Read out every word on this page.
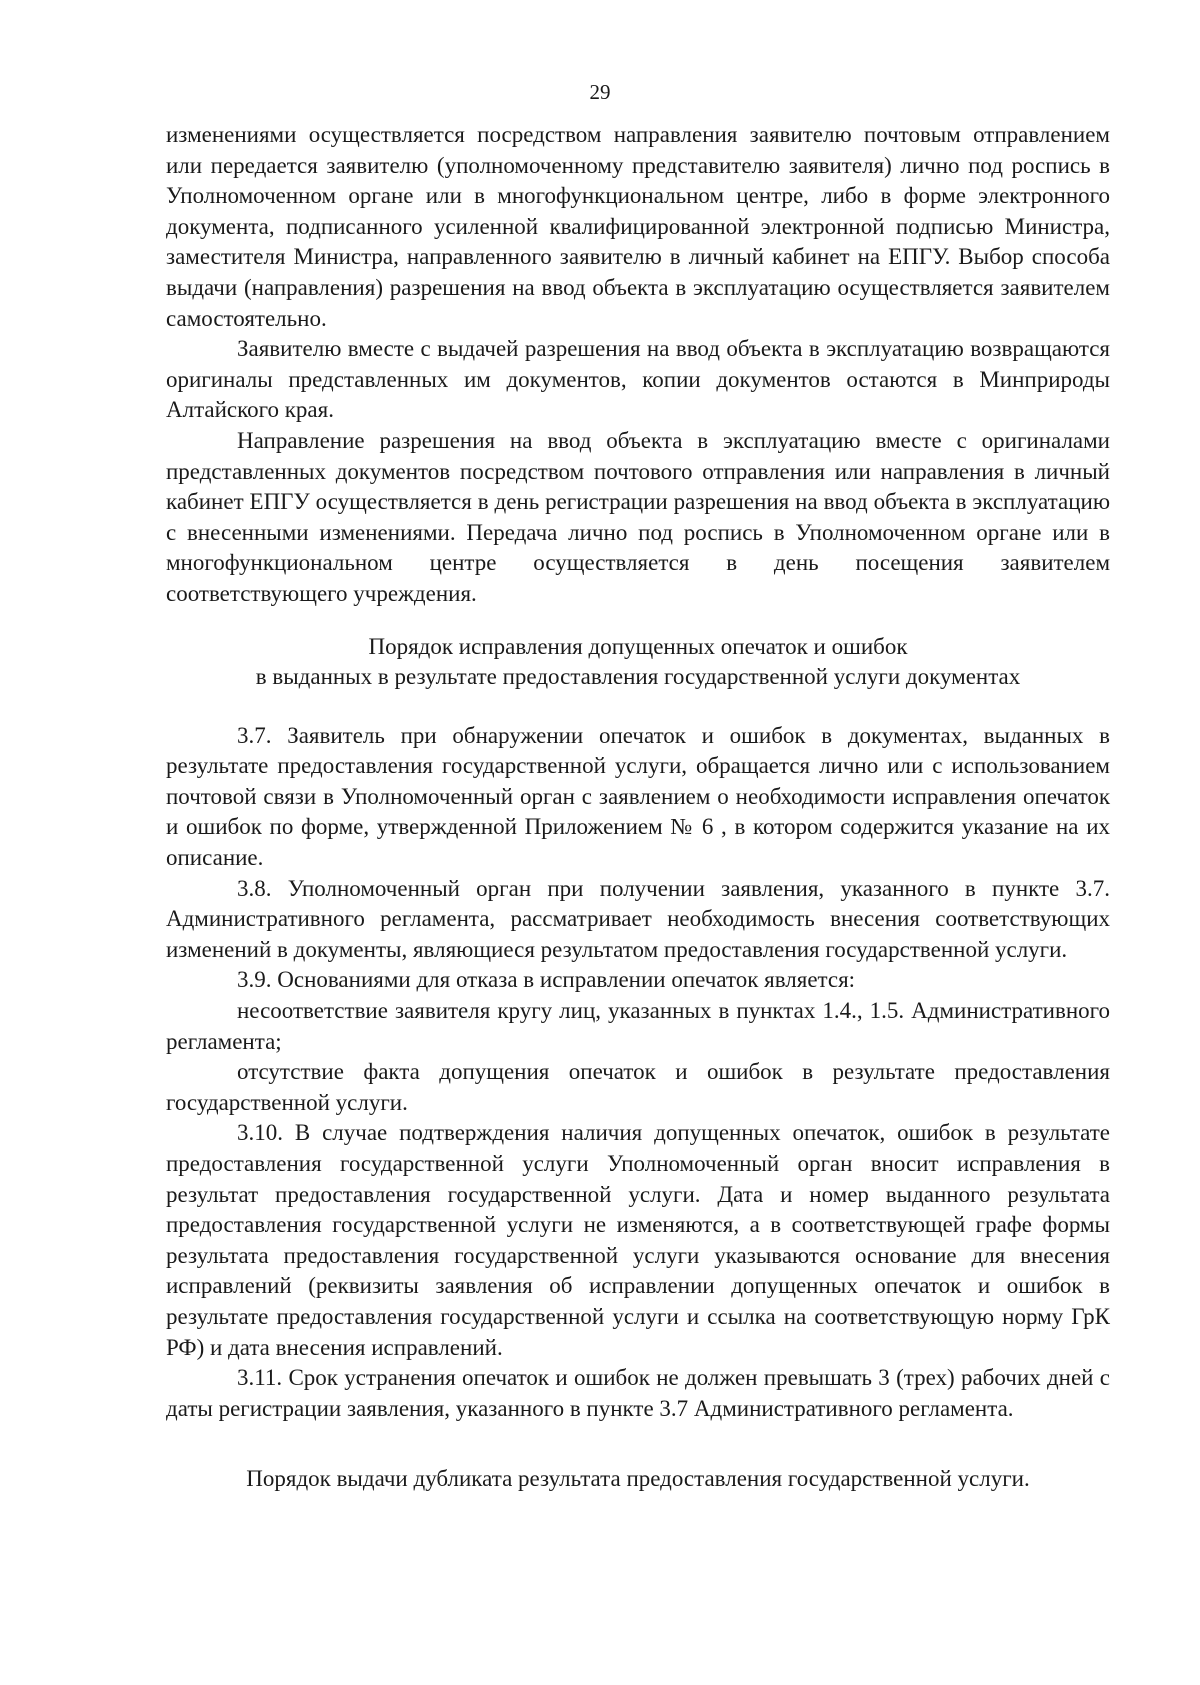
29

изменениями осуществляется посредством направления заявителю почтовым отправлением или передается заявителю (уполномоченному представителю заявителя) лично под роспись в Уполномоченном органе или в многофункциональном центре, либо в форме электронного документа, подписанного усиленной квалифицированной электронной подписью Министра, заместителя Министра, направленного заявителю в личный кабинет на ЕПГУ. Выбор способа выдачи (направления) разрешения на ввод объекта в эксплуатацию осуществляется заявителем самостоятельно.

Заявителю вместе с выдачей разрешения на ввод объекта в эксплуатацию возвращаются оригиналы представленных им документов, копии документов остаются в Минприроды Алтайского края.

Направление разрешения на ввод объекта в эксплуатацию вместе с оригиналами представленных документов посредством почтового отправления или направления в личный кабинет ЕПГУ осуществляется в день регистрации разрешения на ввод объекта в эксплуатацию с внесенными изменениями. Передача лично под роспись в Уполномоченном органе или в многофункциональном центре осуществляется в день посещения заявителем соответствующего учреждения.

Порядок исправления допущенных опечаток и ошибок

в выданных в результате предоставления государственной услуги документах

3.7. Заявитель при обнаружении опечаток и ошибок в документах, выданных в результате предоставления государственной услуги, обращается лично или с использованием почтовой связи в Уполномоченный орган с заявлением о необходимости исправления опечаток и ошибок по форме, утвержденной Приложением № 6 , в котором содержится указание на их описание.

3.8. Уполномоченный орган при получении заявления, указанного в пункте 3.7. Административного регламента, рассматривает необходимость внесения соответствующих изменений в документы, являющиеся результатом предоставления государственной услуги.

3.9. Основаниями для отказа в исправлении опечаток является:

несоответствие заявителя кругу лиц, указанных в пунктах 1.4., 1.5. Административного регламента;

отсутствие факта допущения опечаток и ошибок в результате предоставления государственной услуги.

3.10. В случае подтверждения наличия допущенных опечаток, ошибок в результате предоставления государственной услуги Уполномоченный орган вносит исправления в результат предоставления государственной услуги. Дата и номер выданного результата предоставления государственной услуги не изменяются, а в соответствующей графе формы результата предоставления государственной услуги указываются основание для внесения исправлений (реквизиты заявления об исправлении допущенных опечаток и ошибок в результате предоставления государственной услуги и ссылка на соответствующую норму ГрК РФ) и дата внесения исправлений.

3.11. Срок устранения опечаток и ошибок не должен превышать 3 (трех) рабочих дней с даты регистрации заявления, указанного в пункте 3.7 Административного регламента.

Порядок выдачи дубликата результата предоставления государственной услуги.
